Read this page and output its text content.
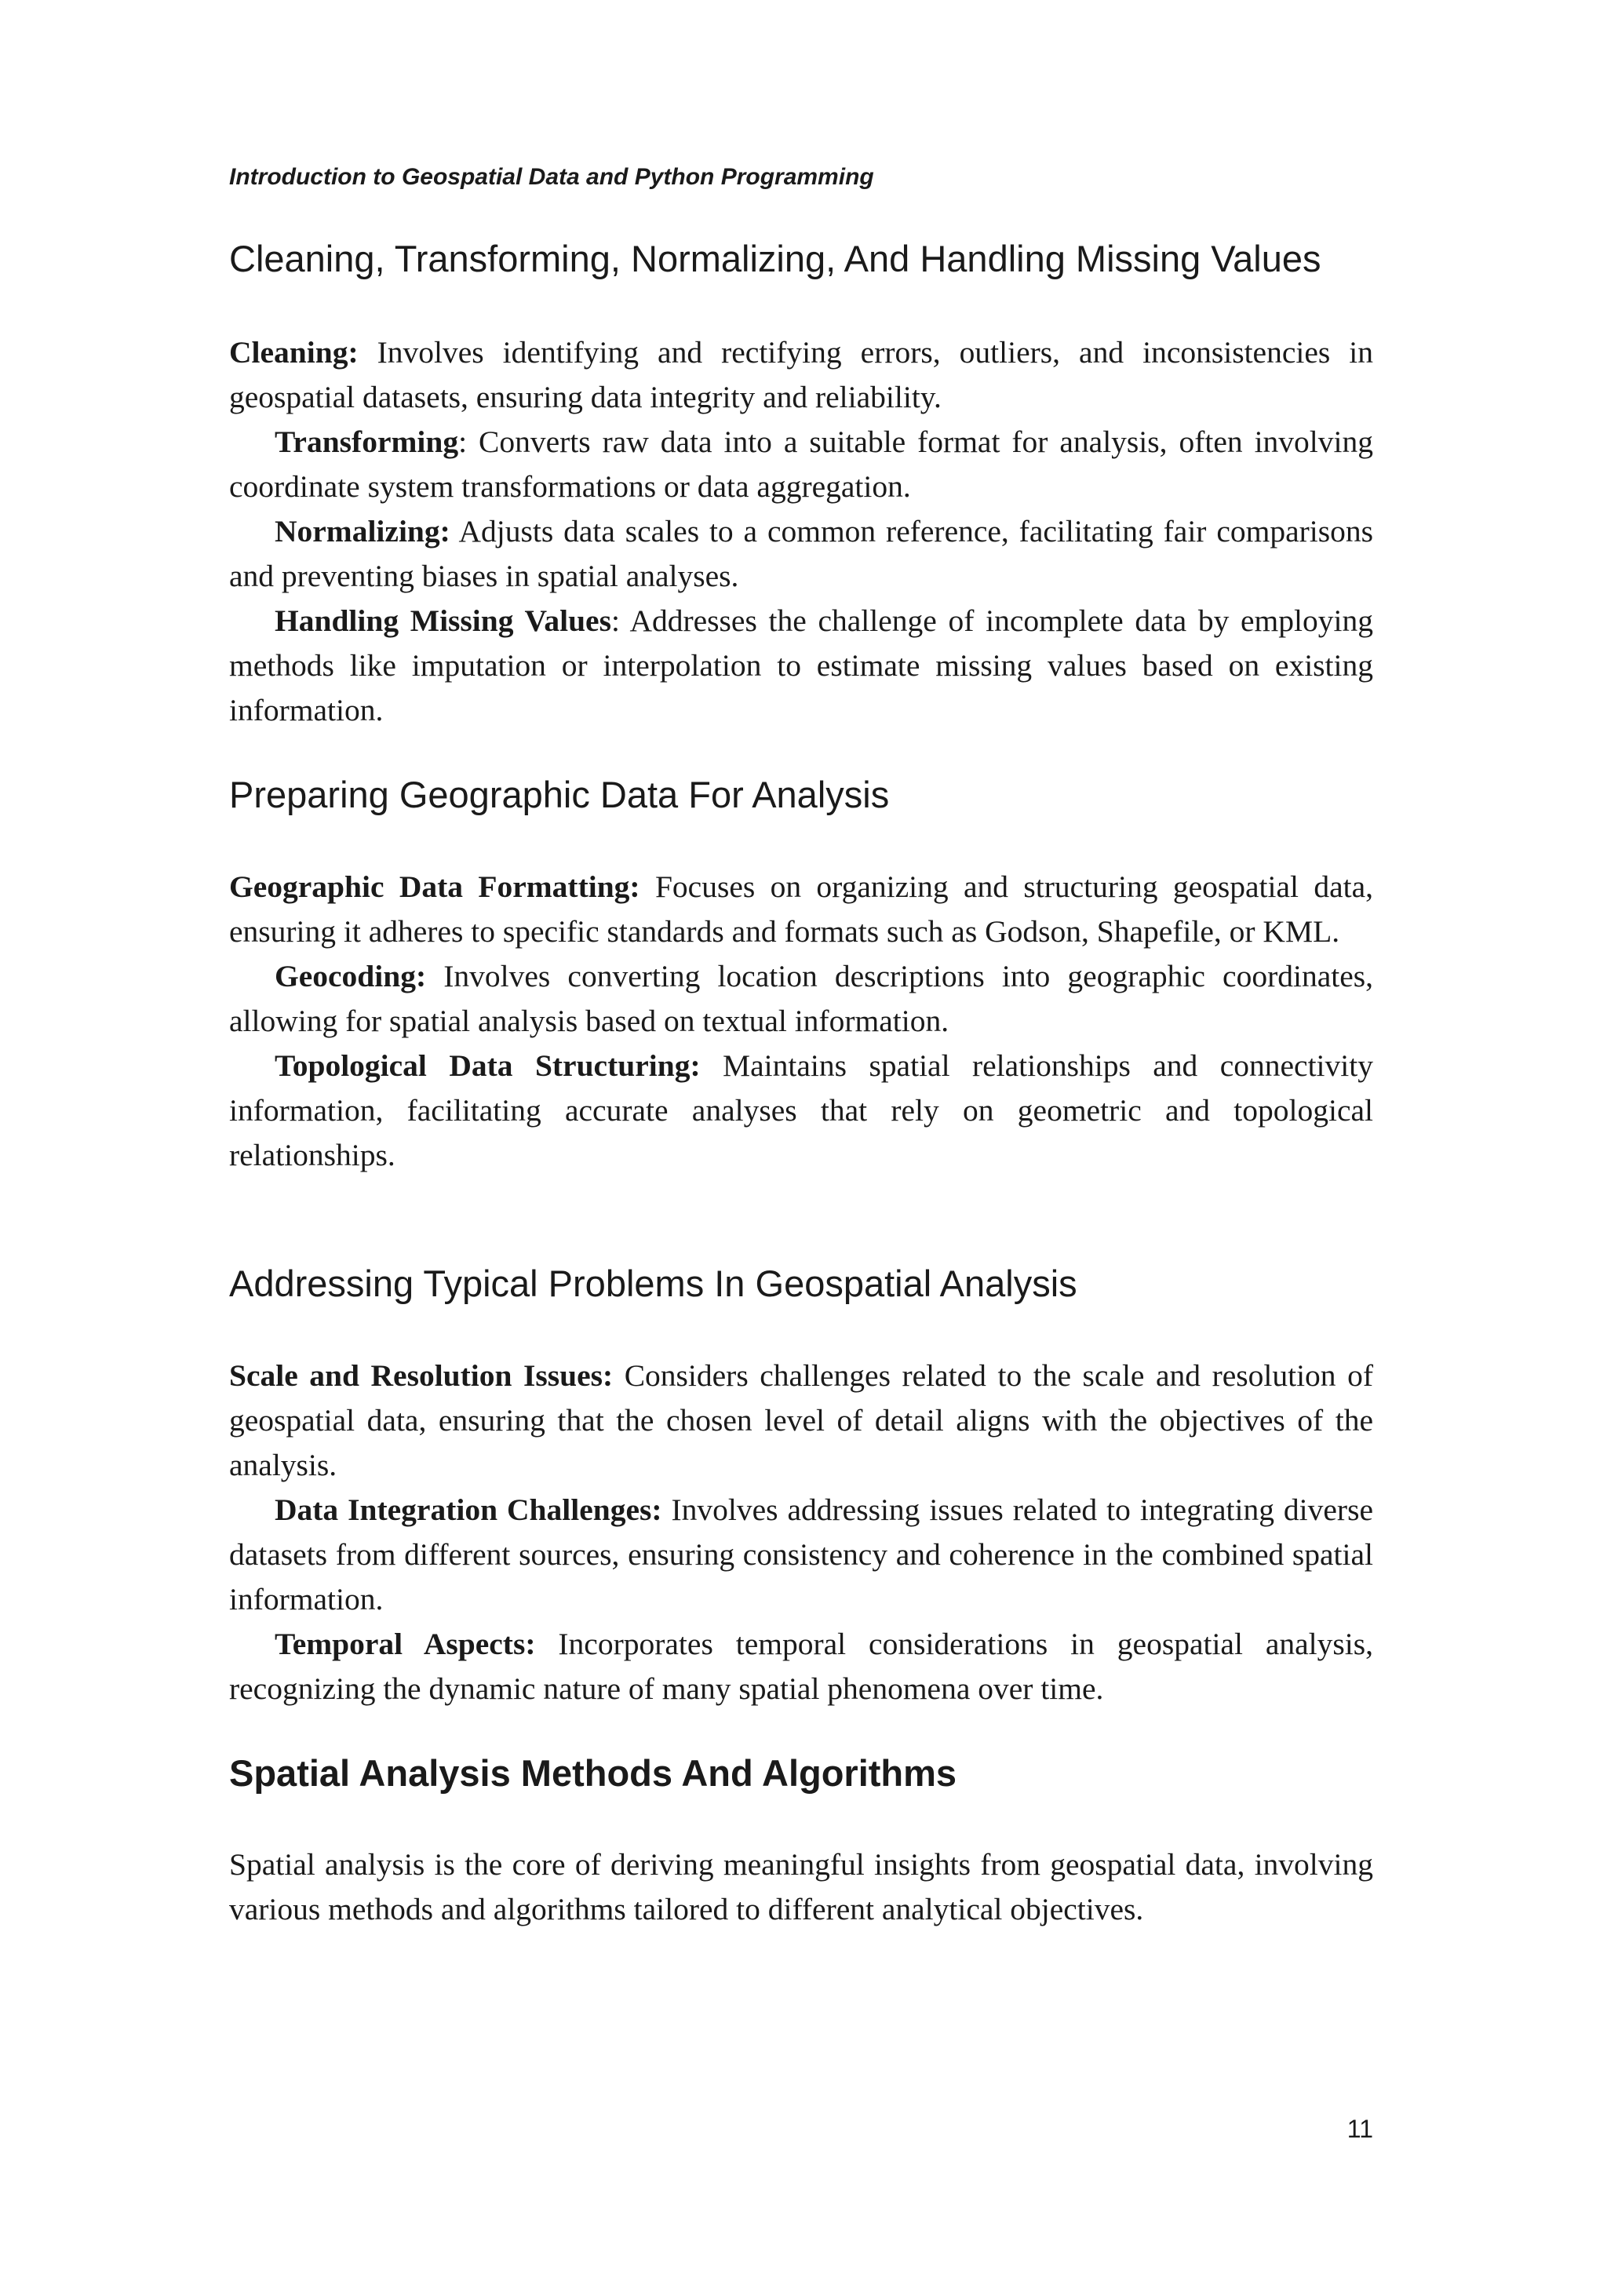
Introduction to Geospatial Data and Python Programming
Cleaning, Transforming, Normalizing, And Handling Missing Values

Cleaning: Involves identifying and rectifying errors, outliers, and inconsistencies in geospatial datasets, ensuring data integrity and reliability.

Transforming: Converts raw data into a suitable format for analysis, often involving coordinate system transformations or data aggregation.

Normalizing: Adjusts data scales to a common reference, facilitating fair comparisons and preventing biases in spatial analyses.

Handling Missing Values: Addresses the challenge of incomplete data by employing methods like imputation or interpolation to estimate missing values based on existing information.

Preparing Geographic Data For Analysis

Geographic Data Formatting: Focuses on organizing and structuring geospatial data, ensuring it adheres to specific standards and formats such as Godson, Shapefile, or KML.

Geocoding: Involves converting location descriptions into geographic coordinates, allowing for spatial analysis based on textual information.

Topological Data Structuring: Maintains spatial relationships and connectivity information, facilitating accurate analyses that rely on geometric and topological relationships.

Addressing Typical Problems In Geospatial Analysis

Scale and Resolution Issues: Considers challenges related to the scale and resolution of geospatial data, ensuring that the chosen level of detail aligns with the objectives of the analysis.

Data Integration Challenges: Involves addressing issues related to integrating diverse datasets from different sources, ensuring consistency and coherence in the combined spatial information.

Temporal Aspects: Incorporates temporal considerations in geospatial analysis, recognizing the dynamic nature of many spatial phenomena over time.

Spatial Analysis Methods And Algorithms

Spatial analysis is the core of deriving meaningful insights from geospatial data, involving various methods and algorithms tailored to different analytical objectives.

11
